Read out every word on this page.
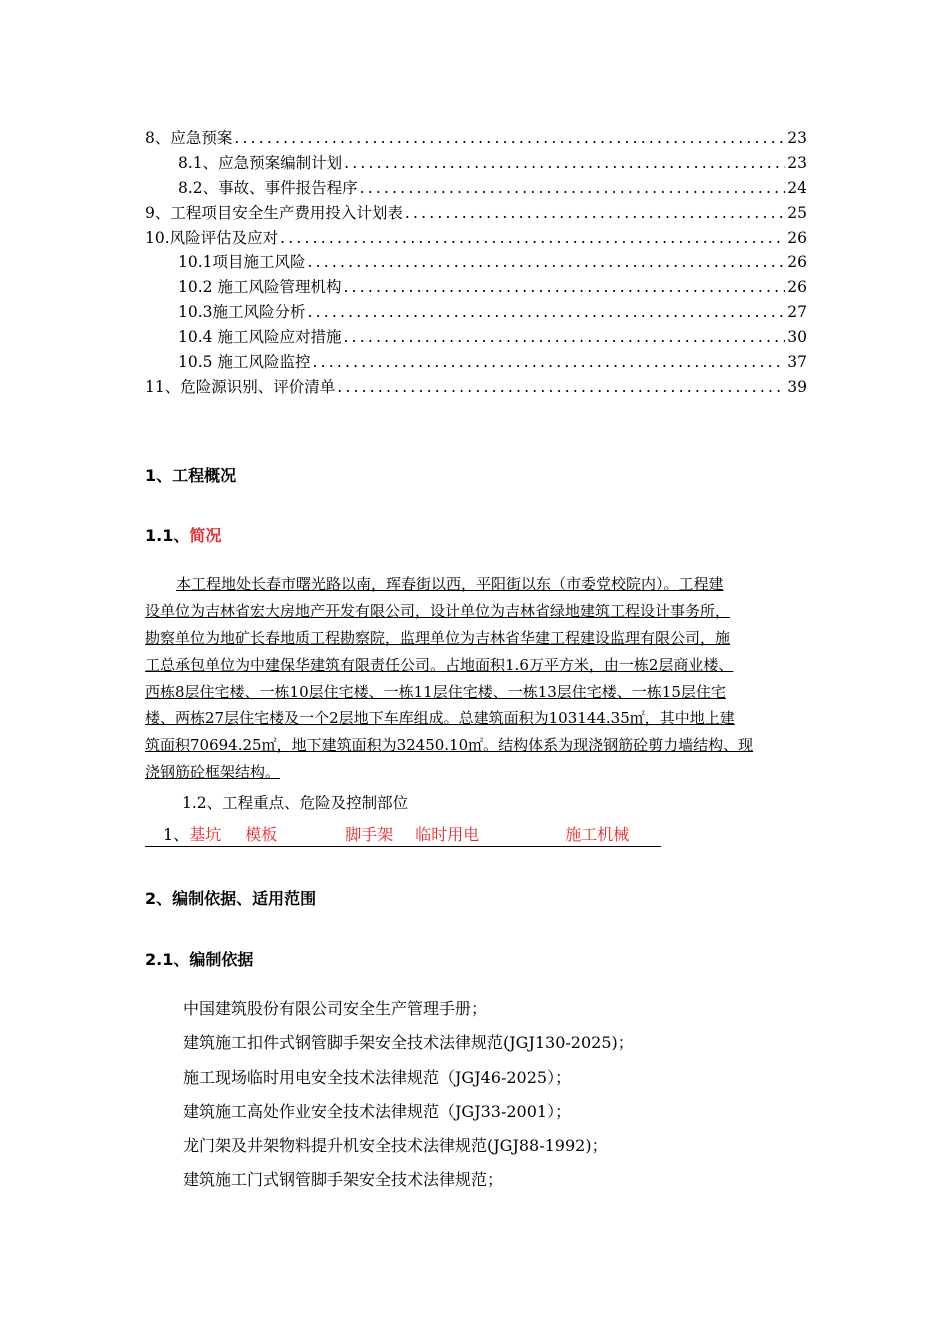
8、应急预案 .....	23
8.1、应急预案编制计划 .....	23
8.2、事故、事件报告程序 .....	24
9、工程项目安全生产费用投入计划表 .....	25
10.风险评估及应对 .....	26
10.1项目施工风险 .....	26
10.2 施工风险管理机构 .....	26
10.3施工风险分析 .....	27
10.4 施工风险应对措施 .....	30
10.5 施工风险监控 .....	37
11、危险源识别、评价清单 .....	39
1、工程概况
1.1、简况
本工程地处长春市曙光路以南，珲春街以西，平阳街以东（市委党校院内）。工程建
设单位为吉林省宏大房地产开发有限公司，设计单位为吉林省绿地建筑工程设计事务所，
勘察单位为地矿长春地质工程勘察院，监理单位为吉林省华建工程建设监理有限公司，施
工总承包单位为中建保华建筑有限责任公司。占地面积1.6万平方米，由一栋2层商业楼、
西栋8层住宅楼、一栋10层住宅楼、一栋11层住宅楼、一栋13层住宅楼、一栋15层住宅
楼、两栋27层住宅楼及一个2层地下车库组成。总建筑面积为103144.35㎡，其中地上建
筑面积70694.25㎡，地下建筑面积为32450.10㎡。结构体系为现浇钢筋砼剪力墙结构、现
浇钢筋砼框架结构。
1.2、工程重点、危险及控制部位
1、基坑 模板	脚手架 临时用电	施工机械
2、编制依据、适用范围
2.1、编制依据
中国建筑股份有限公司安全生产管理手册；
建筑施工扣件式钢管脚手架安全技术法律规范(JGJ130-2025)；
施工现场临时用电安全技术法律规范（JGJ46-2025）；
建筑施工高处作业安全技术法律规范（JGJ33-2001）；
龙门架及井架物料提升机安全技术法律规范(JGJ88-1992)；
建筑施工门式钢管脚手架安全技术法律规范；
